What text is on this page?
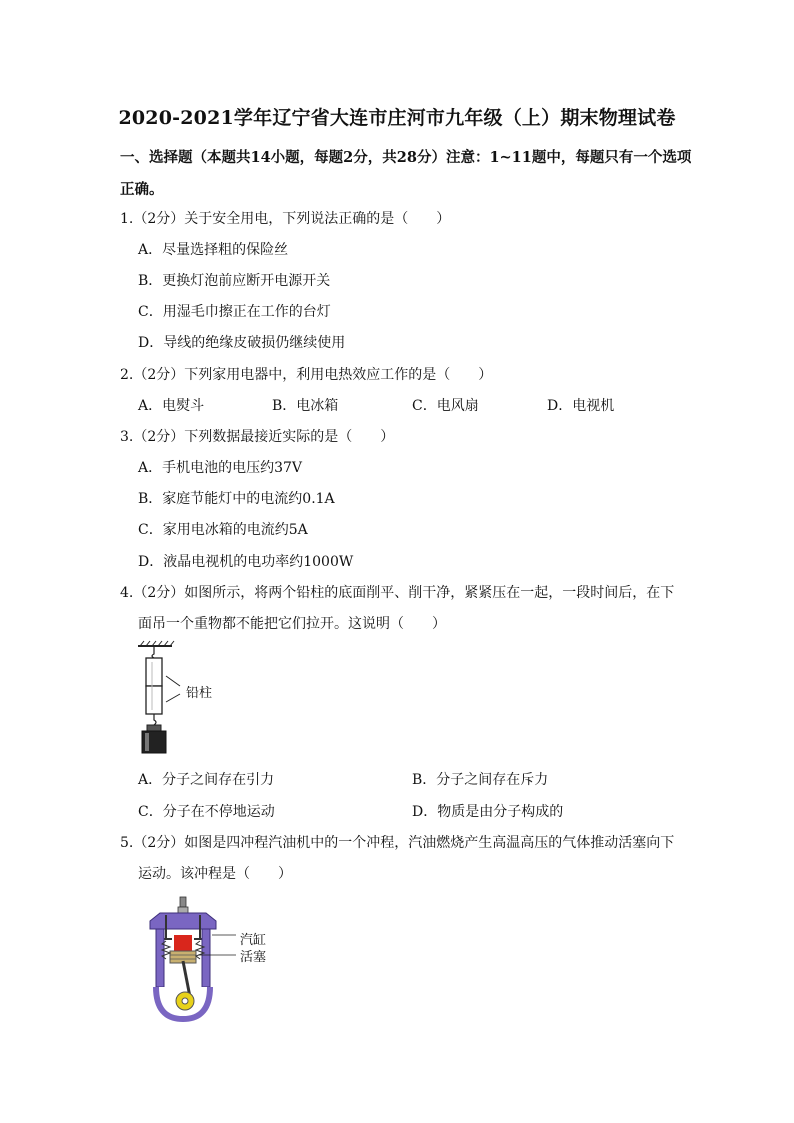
2020-2021学年辽宁省大连市庄河市九年级（上）期末物理试卷
一、选择题（本题共14小题，每题2分，共28分）注意：1~11题中，每题只有一个选项
正确。
1.（2分）关于安全用电，下列说法正确的是（　　）
A．尽量选择粗的保险丝
B．更换灯泡前应断开电源开关
C．用湿毛巾擦正在工作的台灯
D．导线的绝缘皮破损仍继续使用
2.（2分）下列家用电器中，利用电热效应工作的是（　　）
A．电熨斗	B．电冰箱	C．电风扇	D．电视机
3.（2分）下列数据最接近实际的是（　　）
A．手机电池的电压约37V
B．家庭节能灯中的电流约0.1A
C．家用电冰箱的电流约5A
D．液晶电视机的电功率约1000W
4.（2分）如图所示，将两个铅柱的底面削平、削干净，紧紧压在一起，一段时间后，在下
面吊一个重物都不能把它们拉开。这说明（　　）
铅柱
A．分子之间存在引力	B．分子之间存在斥力
C．分子在不停地运动	D．物质是由分子构成的
5.（2分）如图是四冲程汽油机中的一个冲程，汽油燃烧产生高温高压的气体推动活塞向下
运动。该冲程是（　　）
汽缸
活塞
